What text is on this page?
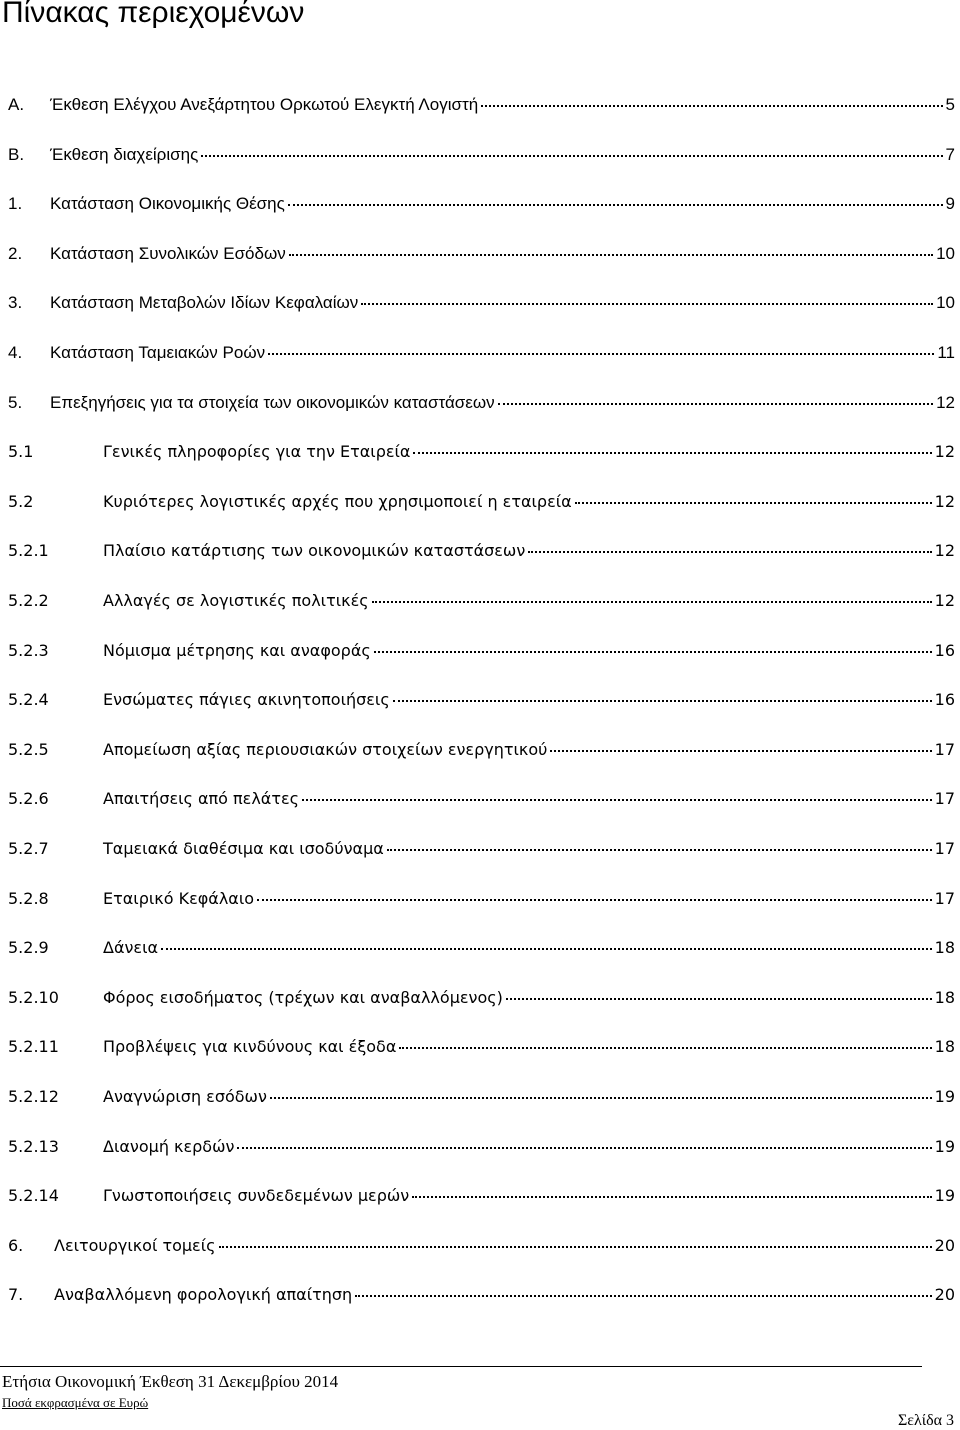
Πίνακας περιεχομένων
Α.	Έκθεση Ελέγχου Ανεξάρτητου Ορκωτού Ελεγκτή Λογιστή	5
Β.	Έκθεση διαχείρισης	7
1.	Κατάσταση Οικονομικής Θέσης	9
2.	Κατάσταση Συνολικών Εσόδων	10
3.	Κατάσταση Μεταβολών Ιδίων Κεφαλαίων	10
4.	Κατάσταση Ταμειακών Ροών	11
5.	Επεξηγήσεις για τα στοιχεία των οικονομικών καταστάσεων	12
5.1	Γενικές πληροφορίες για την Εταιρεία	12
5.2	Κυριότερες λογιστικές αρχές που χρησιμοποιεί η εταιρεία	12
5.2.1	Πλαίσιο κατάρτισης των οικονομικών καταστάσεων	12
5.2.2	Αλλαγές σε λογιστικές πολιτικές	12
5.2.3	Νόμισμα μέτρησης και αναφοράς	16
5.2.4	Ενσώματες πάγιες ακινητοποιήσεις	16
5.2.5	Απομείωση αξίας περιουσιακών στοιχείων ενεργητικού	17
5.2.6	Απαιτήσεις από πελάτες	17
5.2.7	Ταμειακά διαθέσιμα και ισοδύναμα	17
5.2.8	Εταιρικό Κεφάλαιο	17
5.2.9	Δάνεια	18
5.2.10	Φόρος εισοδήματος (τρέχων και αναβαλλόμενος)	18
5.2.11	Προβλέψεις για κινδύνους και έξοδα	18
5.2.12	Αναγνώριση εσόδων	19
5.2.13	Διανομή κερδών	19
5.2.14	Γνωστοποιήσεις συνδεδεμένων μερών	19
6.	Λειτουργικοί τομείς	20
7.	Αναβαλλόμενη φορολογική απαίτηση	20
Ετήσια Οικονομική Έκθεση 31 Δεκεμβρίου 2014
Ποσά εκφρασμένα σε Ευρώ
Σελίδα 3
